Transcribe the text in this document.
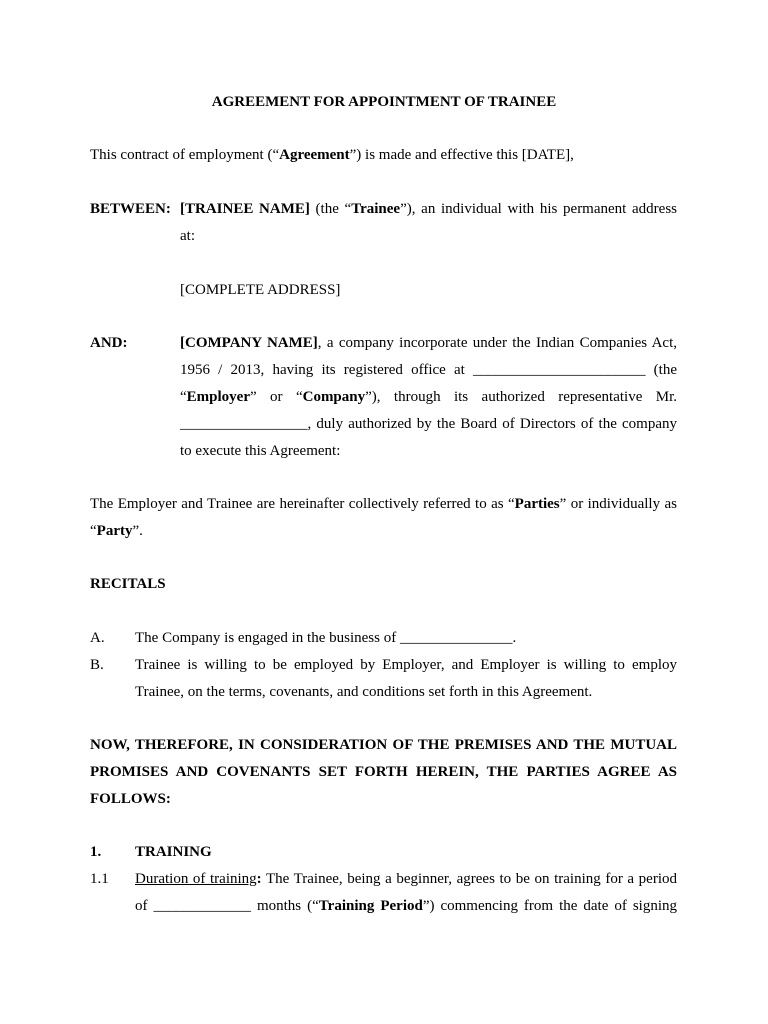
AGREEMENT FOR APPOINTMENT OF TRAINEE
This contract of employment (“Agreement”) is made and effective this [DATE],
BETWEEN: [TRAINEE NAME] (the “Trainee”), an individual with his permanent address
at:
[COMPLETE ADDRESS]
AND:	[COMPANY NAME], a company incorporate under the Indian Companies Act,
1956 / 2013, having its registered office at _______________________ (the
“Employer” or “Company”), through its authorized representative Mr.
_________________, duly authorized by the Board of Directors of the company
to execute this Agreement:
The Employer and Trainee are hereinafter collectively referred to as “Parties” or individually as
“Party”.
RECITALS
A. The Company is engaged in the business of _______________.
B. Trainee is willing to be employed by Employer, and Employer is willing to employ
Trainee, on the terms, covenants, and conditions set forth in this Agreement.
NOW, THEREFORE, IN CONSIDERATION OF THE PREMISES AND THE MUTUAL
PROMISES AND COVENANTS SET FORTH HEREIN, THE PARTIES AGREE AS
FOLLOWS:
1. TRAINING
1.1 Duration of training: The Trainee, being a beginner, agrees to be on training for a period
of _____________ months (“Training Period”) commencing from the date of signing
